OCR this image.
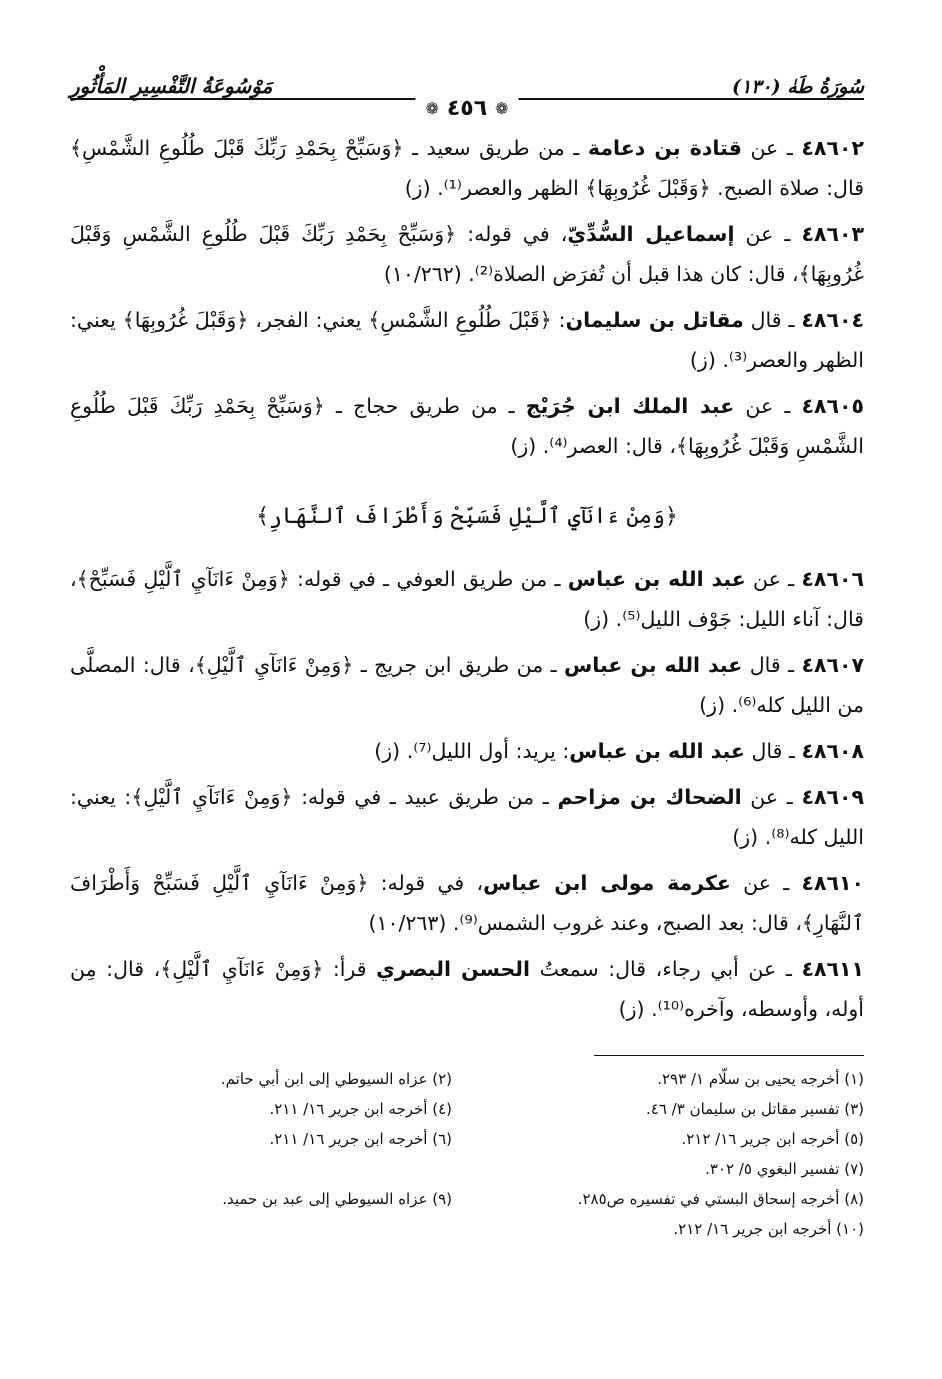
سُورَةُ طَهٰ (١٣٠)
مَوْسُوعَةُ التَّفْسِيرِ المَأْثُورِ
❁
٤٥٦
❁
٤٨٦٠٢ ـ عن قتادة بن دعامة ـ من طريق سعيد ـ ﴿وَسَبِّحْ بِحَمْدِ رَبِّكَ قَبْلَ طُلُوعِ الشَّمْسِ﴾ قال: صلاة الصبح. ﴿وَقَبْلَ غُرُوبِهَا﴾ الظهر والعصر⁽¹⁾. (ز)
٤٨٦٠٣ ـ عن إسماعيل السُّدِّيّ، في قوله: ﴿وَسَبِّحْ بِحَمْدِ رَبِّكَ قَبْلَ طُلُوعِ الشَّمْسِ وَقَبْلَ غُرُوبِهَا﴾، قال: كان هذا قبل أن تُفرَض الصلاة⁽²⁾. (١٠/٢٦٢)
٤٨٦٠٤ ـ قال مقاتل بن سليمان: ﴿قَبْلَ طُلُوعِ الشَّمْسِ﴾ يعني: الفجر، ﴿وَقَبْلَ غُرُوبِهَا﴾ يعني: الظهر والعصر⁽³⁾. (ز)
٤٨٦٠٥ ـ عن عبد الملك ابن جُرَيْج ـ من طريق حجاج ـ ﴿وَسَبِّحْ بِحَمْدِ رَبِّكَ قَبْلَ طُلُوعِ الشَّمْسِ وَقَبْلَ غُرُوبِهَا﴾، قال: العصر⁽⁴⁾. (ز)
﴿وَمِنْ ءَانَآيِ ٱلَّيْلِ فَسَبِّحْ وَأَطْرَافَ ٱلنَّهَارِ﴾
٤٨٦٠٦ ـ عن عبد الله بن عباس ـ من طريق العوفي ـ في قوله: ﴿وَمِنْ ءَانَآيِ ٱلَّيْلِ فَسَبِّحْ﴾، قال: آناء الليل: جَوْف الليل⁽⁵⁾. (ز)
٤٨٦٠٧ ـ قال عبد الله بن عباس ـ من طريق ابن جريج ـ ﴿وَمِنْ ءَانَآيِ ٱلَّيْلِ﴾، قال: المصلَّى من الليل كله⁽⁶⁾. (ز)
٤٨٦٠٨ ـ قال عبد الله بن عباس: يريد: أول الليل⁽⁷⁾. (ز)
٤٨٦٠٩ ـ عن الضحاك بن مزاحم ـ من طريق عبيد ـ في قوله: ﴿وَمِنْ ءَانَآيِ ٱلَّيْلِ﴾: يعني: الليل كله⁽⁸⁾. (ز)
٤٨٦١٠ ـ عن عكرمة مولى ابن عباس، في قوله: ﴿وَمِنْ ءَانَآيِ ٱلَّيْلِ فَسَبِّحْ وَأَطْرَافَ ٱلنَّهَارِ﴾، قال: بعد الصبح، وعند غروب الشمس⁽⁹⁾. (١٠/٢٦٣)
٤٨٦١١ ـ عن أبي رجاء، قال: سمعتُ الحسن البصري قرأ: ﴿وَمِنْ ءَانَآيِ ٱلَّيْلِ﴾، قال: مِن أوله، وأوسطه، وآخره⁽¹⁰⁾. (ز)
(١) أخرجه يحيى بن سلّام ١/ ٢٩٣.
(٢) عزاه السيوطي إلى ابن أبي حاتم.
(٣) تفسير مقاتل بن سليمان ٣/ ٤٦.
(٤) أخرجه ابن جرير ١٦/ ٢١١.
(٥) أخرجه ابن جرير ١٦/ ٢١٢.
(٦) أخرجه ابن جرير ١٦/ ٢١١.
(٧) تفسير البغوي ٥/ ٣٠٢.
(٨) أخرجه إسحاق البستي في تفسيره ص٢٨٥.
(٩) عزاه السيوطي إلى عبد بن حميد.
(١٠) أخرجه ابن جرير ١٦/ ٢١٢.
